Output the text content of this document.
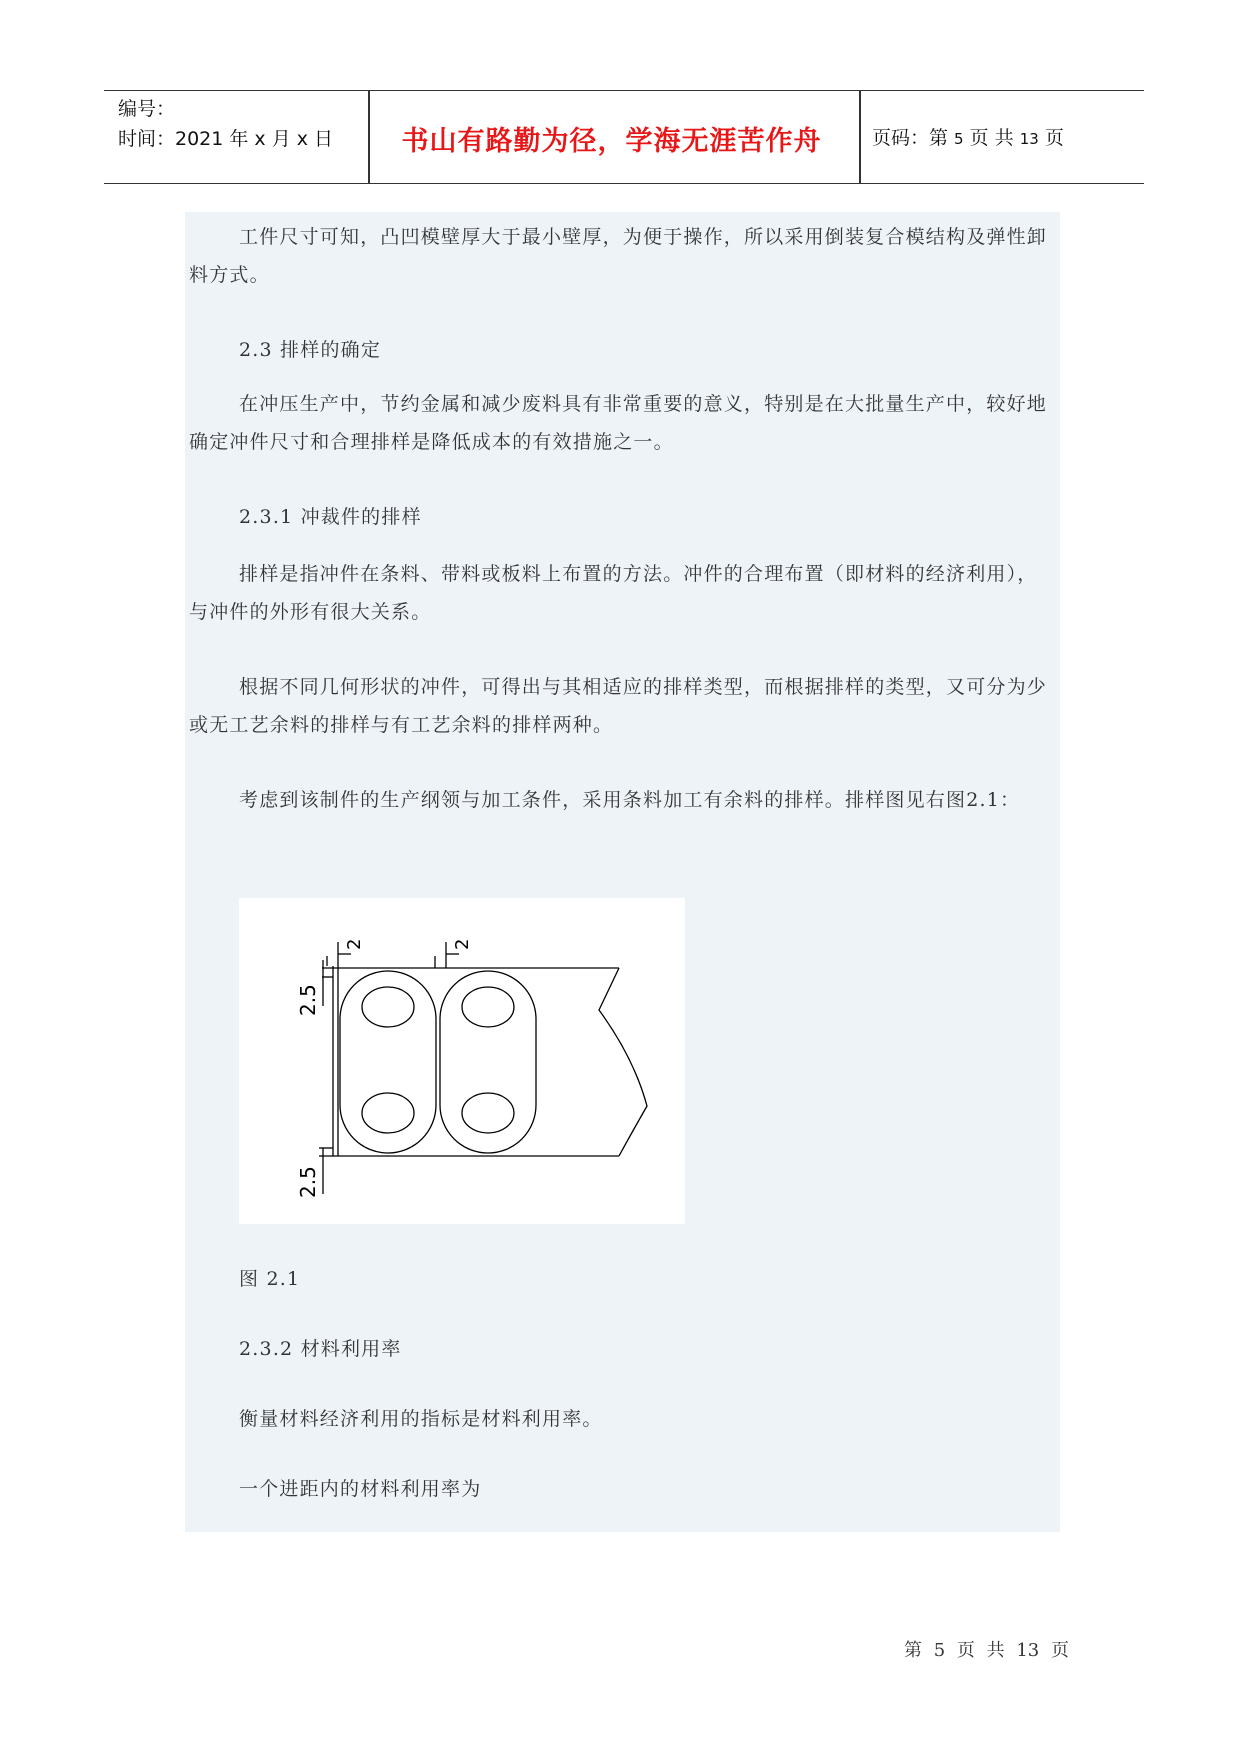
编号：
时间：2021 年 x 月 x 日	书山有路勤为径，学海无涯苦作舟	页码：第 5 页 共 13 页
工件尺寸可知，凸凹模壁厚大于最小壁厚，为便于操作，所以采用倒装复合模结构及弹性卸料方式。
2.3 排样的确定
在冲压生产中，节约金属和减少废料具有非常重要的意义，特别是在大批量生产中，较好地确定冲件尺寸和合理排样是降低成本的有效措施之一。
2.3.1 冲裁件的排样
排样是指冲件在条料、带料或板料上布置的方法。冲件的合理布置（即材料的经济利用），与冲件的外形有很大关系。
根据不同几何形状的冲件，可得出与其相适应的排样类型，而根据排样的类型，又可分为少或无工艺余料的排样与有工艺余料的排样两种。
考虑到该制件的生产纲领与加工条件，采用条料加工有余料的排样。排样图见右图2.1：
2	2
2.5
2.5
图 2.1
2.3.2 材料利用率
衡量材料经济利用的指标是材料利用率。
一个进距内的材料利用率为
第 5 页 共 13 页
